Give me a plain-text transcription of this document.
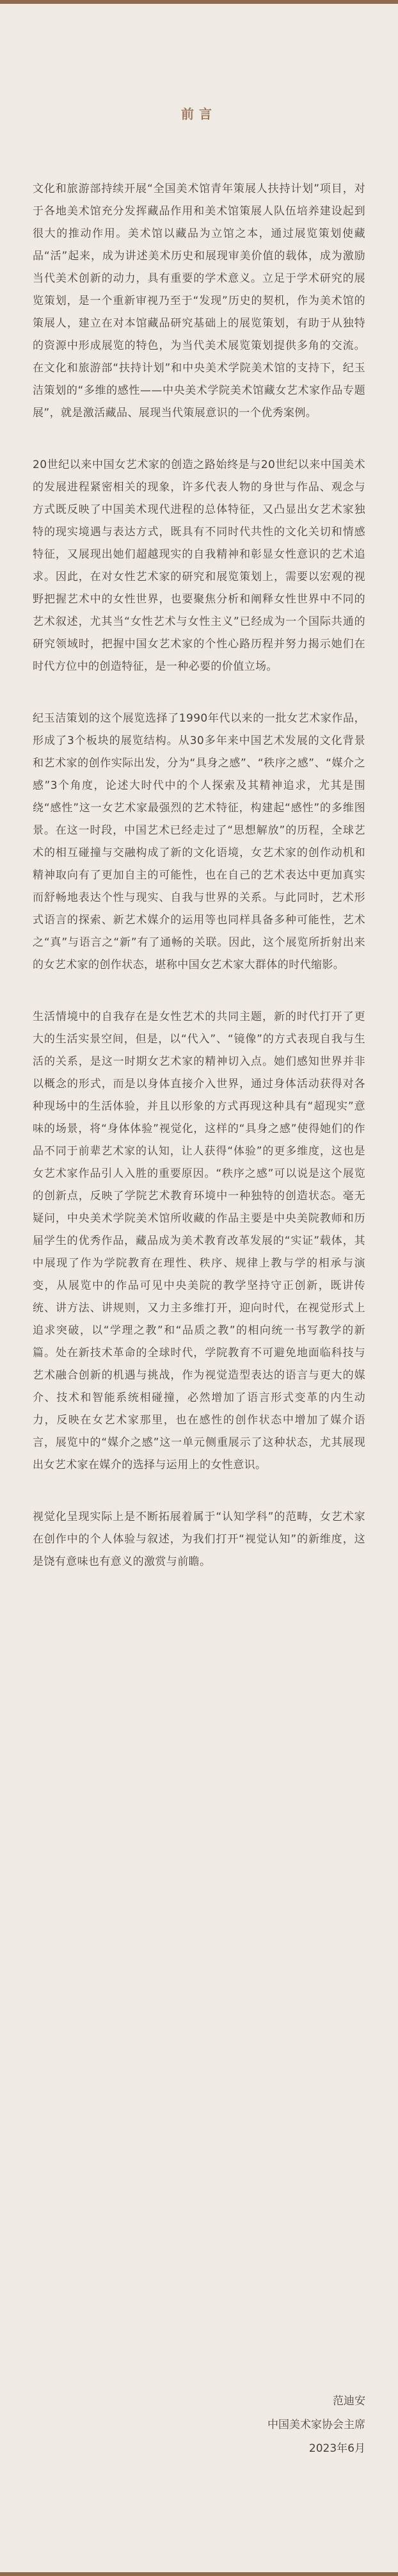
前言

文化和旅游部持续开展“全国美术馆青年策展人扶持计划”项目，对于各地美术馆充分发挥藏品作用和美术馆策展人队伍培养建设起到很大的推动作用。美术馆以藏品为立馆之本，通过展览策划使藏品“活”起来，成为讲述美术历史和展现审美价值的载体，成为激励当代美术创新的动力，具有重要的学术意义。立足于学术研究的展览策划，是一个重新审视乃至于“发现”历史的契机，作为美术馆的策展人，建立在对本馆藏品研究基础上的展览策划，有助于从独特的资源中形成展览的特色，为当代美术展览策划提供多角的交流。在文化和旅游部“扶持计划”和中央美术学院美术馆的支持下，纪玉洁策划的“多维的感性——中央美术学院美术馆藏女艺术家作品专题展”，就是激活藏品、展现当代策展意识的一个优秀案例。

20世纪以来中国女艺术家的创造之路始终是与20世纪以来中国美术的发展进程紧密相关的现象，许多代表人物的身世与作品、观念与方式既反映了中国美术现代进程的总体特征，又凸显出女艺术家独特的现实境遇与表达方式，既具有不同时代共性的文化关切和情感特征，又展现出她们超越现实的自我精神和彰显女性意识的艺术追求。因此，在对女性艺术家的研究和展览策划上，需要以宏观的视野把握艺术中的女性世界，也要聚焦分析和阐释女性世界中不同的艺术叙述，尤其当“女性艺术与女性主义”已经成为一个国际共通的研究领域时，把握中国女艺术家的个性心路历程并努力揭示她们在时代方位中的创造特征，是一种必要的价值立场。

纪玉洁策划的这个展览选择了1990年代以来的一批女艺术家作品，形成了3个板块的展览结构。从30多年来中国艺术发展的文化背景和艺术家的创作实际出发，分为“具身之感”、“秩序之感”、“媒介之感”3个角度，论述大时代中的个人探索及其精神追求，尤其是围绕“感性”这一女艺术家最强烈的艺术特征，构建起“感性”的多维图景。在这一时段，中国艺术已经走过了“思想解放”的历程，全球艺术的相互碰撞与交融构成了新的文化语境，女艺术家的创作动机和精神取向有了更加自主的可能性，也在自己的艺术表达中更加真实而舒畅地表达个性与现实、自我与世界的关系。与此同时，艺术形式语言的探索、新艺术媒介的运用等也同样具备多种可能性，艺术之“真”与语言之“新”有了通畅的关联。因此，这个展览所折射出来的女艺术家的创作状态，堪称中国女艺术家大群体的时代缩影。

生活情境中的自我存在是女性艺术的共同主题，新的时代打开了更大的生活实景空间，但是，以“代入”、“镜像”的方式表现自我与生活的关系，是这一时期女艺术家的精神切入点。她们感知世界并非以概念的形式，而是以身体直接介入世界，通过身体活动获得对各种现场中的生活体验，并且以形象的方式再现这种具有“超现实”意味的场景，将“身体体验”视觉化，这样的“具身之感”使得她们的作品不同于前辈艺术家的认知，让人获得“体验”的更多维度，这也是女艺术家作品引人入胜的重要原因。“秩序之感”可以说是这个展览的创新点，反映了学院艺术教育环境中一种独特的创造状态。毫无疑问，中央美术学院美术馆所收藏的作品主要是中央美院教师和历届学生的优秀作品，藏品成为美术教育改革发展的“实证”载体，其中展现了作为学院教育在理性、秩序、规律上教与学的相承与演变，从展览中的作品可见中央美院的教学坚持守正创新，既讲传统、讲方法、讲规则，又力主多维打开，迎向时代，在视觉形式上追求突破，以“学理之教”和“品质之教”的相向统一书写教学的新篇。处在新技术革命的全球时代，学院教育不可避免地面临科技与艺术融合创新的机遇与挑战，作为视觉造型表达的语言与更大的媒介、技术和智能系统相碰撞，必然增加了语言形式变革的内生动力，反映在女艺术家那里，也在感性的创作状态中增加了媒介语言，展览中的“媒介之感”这一单元侧重展示了这种状态，尤其展现出女艺术家在媒介的选择与运用上的女性意识。

视觉化呈现实际上是不断拓展着属于“认知学科”的范畴，女艺术家在创作中的个人体验与叙述，为我们打开“视觉认知”的新维度，这是饶有意味也有意义的激赏与前瞻。

范迪安
中国美术家协会主席
2023年6月
